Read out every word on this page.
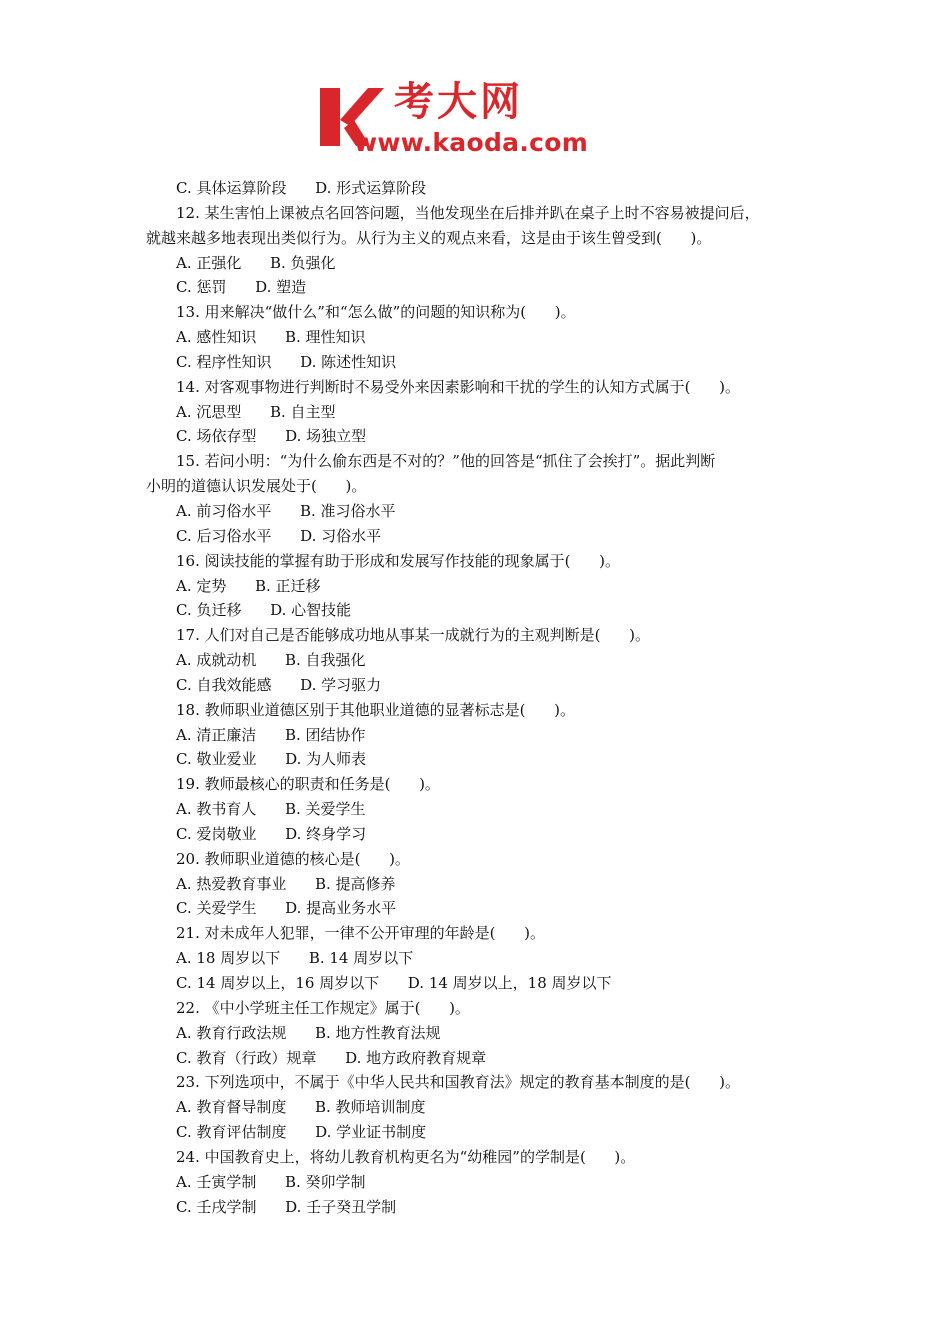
考大网
www.kaoda.com
C. 具体运算阶段      D. 形式运算阶段
12. 某生害怕上课被点名回答问题，当他发现坐在后排并趴在桌子上时不容易被提问后，
就越来越多地表现出类似行为。从行为主义的观点来看，这是由于该生曾受到(      )。
A. 正强化      B. 负强化
C. 惩罚      D. 塑造
13. 用来解决“做什么”和“怎么做”的问题的知识称为(      )。
A. 感性知识      B. 理性知识
C. 程序性知识      D. 陈述性知识
14. 对客观事物进行判断时不易受外来因素影响和干扰的学生的认知方式属于(      )。
A. 沉思型      B. 自主型
C. 场依存型      D. 场独立型
15. 若问小明：“为什么偷东西是不对的？”他的回答是“抓住了会挨打”。据此判断
小明的道德认识发展处于(      )。
A. 前习俗水平      B. 准习俗水平
C. 后习俗水平      D. 习俗水平
16. 阅读技能的掌握有助于形成和发展写作技能的现象属于(      )。
A. 定势      B. 正迁移
C. 负迁移      D. 心智技能
17. 人们对自己是否能够成功地从事某一成就行为的主观判断是(      )。
A. 成就动机      B. 自我强化
C. 自我效能感      D. 学习驱力
18. 教师职业道德区别于其他职业道德的显著标志是(      )。
A. 清正廉洁      B. 团结协作
C. 敬业爱业      D. 为人师表
19. 教师最核心的职责和任务是(      )。
A. 教书育人      B. 关爱学生
C. 爱岗敬业      D. 终身学习
20. 教师职业道德的核心是(      )。
A. 热爱教育事业      B. 提高修养
C. 关爱学生      D. 提高业务水平
21. 对未成年人犯罪，一律不公开审理的年龄是(      )。
A. 18 周岁以下      B. 14 周岁以下
C. 14 周岁以上，16 周岁以下      D. 14 周岁以上，18 周岁以下
22. 《中小学班主任工作规定》属于(      )。
A. 教育行政法规      B. 地方性教育法规
C. 教育（行政）规章      D. 地方政府教育规章
23. 下列选项中，不属于《中华人民共和国教育法》规定的教育基本制度的是(      )。
A. 教育督导制度      B. 教师培训制度
C. 教育评估制度      D. 学业证书制度
24. 中国教育史上，将幼儿教育机构更名为“幼稚园”的学制是(      )。
A. 壬寅学制      B. 癸卯学制
C. 壬戌学制      D. 壬子癸丑学制
